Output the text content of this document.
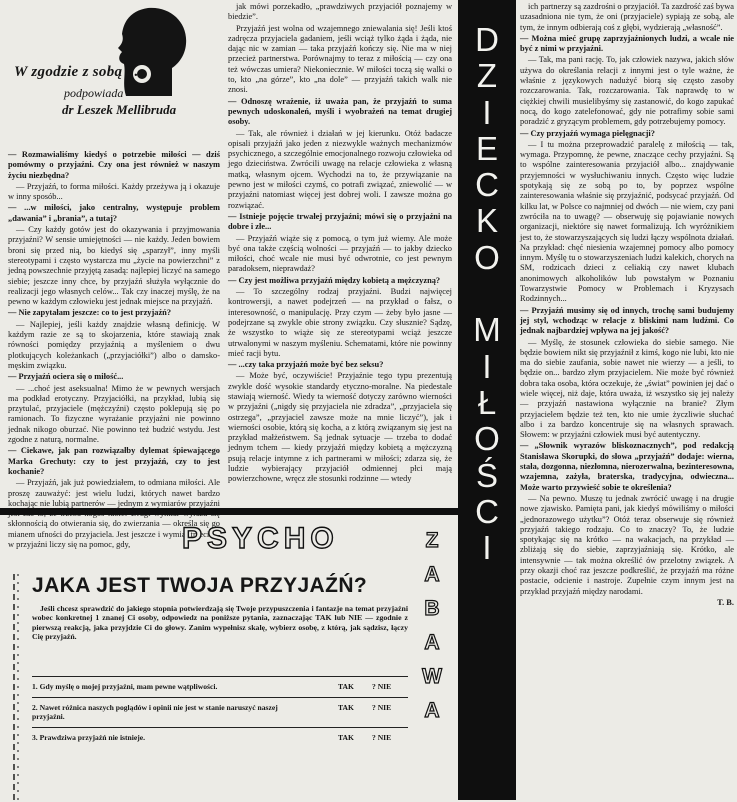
W zgodzie z sobą ...
podpowiada
dr Leszek Mellibruda

— Rozmawialiśmy kiedyś o potrzebie miłości — dziś pomówmy o przyjaźni. Czy ona jest również w naszym życiu niezbędna?

— Przyjaźń, to forma miłości. Każdy przeżywa ją i okazuje w inny sposób...

— ...w miłości, jako centralny, występuje problem „dawania” i „brania”, a tutaj?

— Czy każdy gotów jest do okazywania i przyjmowania przyjaźni? W sensie umiejętności — nie każdy. Jeden bowiem broni się przed nią, bo kiedyś się „sparzył”, inny myśli stereotypami i często wystarcza mu „życie na powierzchni” z jedną powszechnie przyjętą zasadą: najlepiej liczyć na samego siebie; jeszcze inny chce, by przyjaźń służyła wyłącznie do realizacji jego własnych celów... Tak czy inaczej myślę, że na pewno w każdym człowieku jest jednak miejsce na przyjaźń.

— Nie zapytałam jeszcze: co to jest przyjaźń?

— Najlepiej, jeśli każdy znajdzie własną definicję. W każdym razie ze są to skojarzenia, które stawiają znak równości pomiędzy przyjaźnią a myśleniem o dwu plotkujących koleżankach („przyjaciółki”) albo o damsko-męskim związku.

— Przyjaźń ociera się o miłość...

— ...choć jest aseksualna! Mimo że w pewnych wersjach ma podkład erotyczny. Przyjaciółki, na przykład, lubią się przytulać, przyjaciele (mężczyźni) często poklepują się po ramionach. To fizyczne wyrażanie przyjaźni nie powinno jednak nikogo oburzać. Nie powinno też budzić wstydu. Jest zgodne z naturą, normalne.

— Ciekawe, jak pan rozwiązałby dylemat śpiewającego Marka Grechuty: czy to jest przyjaźń, czy to jest kochanie?

— Przyjaźń, jak już powiedziałem, to odmiana miłości. Ale proszę zauważyć: jest wielu ludzi, których nawet bardzo kochając nie lubią partnerów — jednym z wymiarów przyjaźni skłonnością do otwierania się, do zwierzania — określa się go mianem ufności do przyjaciela. Jest jeszcze i wymiar trzeci — w przyjaźni liczy się na pomoc, gdy,

jak mówi porzekadło, „prawdziwych przyjaciół poznajemy w biedzie”.

Przyjaźń jest wolna od wzajemnego zniewalania się! Jeśli ktoś zadręcza przyjaciela gadaniem, jeśli wciąż tylko żąda i żąda, nie dając nic w zamian — taka przyjaźń kończy się. Nie ma w niej przecież partnerstwa. Porównajmy to teraz z miłością — czy ona też wówczas umiera? Niekoniecznie. W miłości toczą się walki o to, kto „na górze”, kto „na dole” — przyjaźń takich walk nie znosi.

— Odnoszę wrażenie, iż uważa pan, że przyjaźń to suma pewnych udoskonaleń, myśli i wyobrażeń na temat drugiej osoby.

— Tak, ale również i działań w jej kierunku. Otóż badacze opisali przyjaźń jako jeden z niezwykle ważnych mechanizmów psychicznego, a szczególnie emocjonalnego rozwoju człowieka od jego dzieciństwa. Zwrócili uwagę na relacje człowieka z własną matką, własnym ojcem. Wychodzi na to, że przywiązanie na pewno jest w miłości czymś, co potrafi związać, zniewolić — w przyjaźni natomiast więcej jest dobrej woli. I zawsze można go rozwiązać.

— Istnieje pojęcie trwałej przyjaźni; mówi się o przyjaźni na dobre i złe...

— Przyjaźń wiąże się z pomocą, o tym już wiemy. Ale może być ona także częścią wolności — przyjaźń — to jakby dziecko miłości, choć wcale nie musi być odwrotnie, co jest pewnym paradoksem, nieprawdaż?

— Czy jest możliwa przyjaźń między kobietą a mężczyzną?

— To szczególny rodzaj przyjaźni. Budzi najwięcej kontrowersji, a nawet podejrzeń — na przykład o fałsz, o interesowność, o manipulację. Przy czym — żeby było jasne — podejrzane są zwykle obie strony związku. Czy słusznie? Sądzę, że wszystko to wiąże się ze stereotypami wciąż jeszcze utrwalonymi w naszym myśleniu. Schematami, które nie powinny mieć racji bytu.

— ...czy taka przyjaźń może być bez seksu?

— Może być, oczywiście! Przyjaźnie tego typu prezentują zwykle dość wysokie standardy etyczno-moralne. Na piedestale stawiają wierność. Wiedy ta wierność dotyczy zarówno wierności w przyjaźni („nigdy się przyjaciela nie zdradza”, „przyjaciela się ostrzega”, „przyjaciel zawsze może na mnie liczyć”), jak i wierności osobie, którą się kocha, a z którą związanym się jest na przykład małżeństwem. Są jednak sytuacje — trzeba to dodać jednym tchem — kiedy przyjaźń między kobietą a mężczyzną psują relacje intymne z ich partnerami w miłości; zdarza się, że ludzie wybierający przyjaciół odmiennej płci mają powierzchowne, wręcz złe stosunki rodzinne — wtedy

D
Z
I
E
C
K
O

M
I
Ł
O
Ś
C
I

ich partnerzy są zazdrośni o przyjaciół. Ta zazdrość zaś bywa uzasadniona nie tym, że oni (przyjaciele) sypiają ze sobą, ale tym, że innym odbierają coś z głębi, wydzierają „własność”.

— Można mieć grupę zaprzyjaźnionych ludzi, a wcale nie być z nimi w przyjaźni.

— Tak, ma pani rację. To, jak człowiek nazywa, jakich słów używa do określania relacji z innymi jest o tyle ważne, że właśnie z językowych nadużyć biorą się często zasoby rozczarowania. Tak, rozczarowania. Tak naprawdę to w ciężkiej chwili musielibyśmy się zastanowić, do kogo zapukać nocą, do kogo zatelefonować, gdy nie potrafimy sobie sami poradzić z gryzącym problemem, gdy potrzebujemy pomocy.

— Czy przyjaźń wymaga pielęgnacji?

— I tu można przeprowadzić paralelę z miłością — tak, wymaga. Przypomnę, że pewne, znaczące cechy przyjaźni. Są to wspólne zainteresowania przyjaciół albo... znajdywanie przyjemności w wysłuchiwaniu innych. Często więc ludzie spotykają się ze sobą po to, by poprzez wspólne zainteresowania właśnie się przyjaźnić, podsycać przyjaźń. Od kilku lat, w Polsce co najmniej od dwóch — nie wiem, czy pani zwróciła na to uwagę? — obserwuję się pojawianie nowych organizacji, niektóre się nawet formalizują. Ich wyróżnikiem jest to, że stowarzyszających się ludzi łączy wspólnota działań. Na przykład: chęć niesienia wzajemnej pomocy albo pomocy innym. Myślę tu o stowarzyszeniach ludzi kalekich, chorych na SM, rodzicach dzieci z celiakią czy nawet klubach anonimowych alkoholików lub powstałym w Poznaniu Towarzystwie Pomocy w Problemach i Kryzysach Rodzinnych...

— Przyjaźń musimy się od innych, trochę sami budujemy jej styl, wchodząc w relacje z bliskimi nam ludźmi. Co jednak najbardziej wpływa na jej jakość?

— Myślę, że stosunek człowieka do siebie samego. Nie będzie bowiem nikt się przyjaźnił z kimś, kogo nie lubi, kto nie ma do siebie zaufania, sobie nawet nie wierzy — a jeśli, to będzie on... bardzo złym przyjacielem. Nie może być również dobra taka osoba, która oczekuje, że „świat” powinien jej dać o wiele więcej, niż daje, która uważa, iż wszystko się jej należy — przyjaźń nastawiona wyłącznie na branie? Złym przyjacielem będzie też ten, kto nie umie życzliwie słuchać albo i za bardzo koncentruje się na własnych sprawach. Słowem: w przyjaźni człowiek musi być autentyczny.

— „Słownik wyrazów bliskoznacznych”, pod redakcją Stanisława Skorupki, do słowa „przyjaźń” dodaje: wierna, stała, dozgonna, niezłomna, nierozerwalna, bezinteresowna, wzajemna, zażyła, braterska, tradycyjna, odwieczna... Może warto przywieść sobie te określenia?

— Na pewno. Muszę tu jednak zwrócić uwagę i na drugie nowe zjawisko. Pamięta pani, jak kiedyś mówiliśmy o miłości „jednorazowego użytku”? Otóż teraz obserwuje się również przyjaźń takiego rodzaju. Co to znaczy? To, że ludzie spotykając się na krótko — na wakacjach, na przykład — zbliżają się do siebie, zaprzyjaźniają się. Krótko, ale intensywnie — tak można określić ów przelotny związek. A przy okazji choć raz jeszcze podkreślić, że przyjaźń ma różne postacie, odcienie i nastroje. Zupełnie czym innym jest na przykład przyjaźń między narodami.

T. B.

PSYCHO
JAKA JEST TWOJA PRZYJAŹŃ?
Jeśli chcesz sprawdzić do jakiego stopnia potwierdzają się Twoje przypuszczenia i fantazje na temat przyjaźni wobec konkretnej 1 znanej Ci osoby, odpowiedz na poniższe pytania, zaznaczając TAK lub NIE — zgodnie z pierwszą reakcją, jaka przyjdzie Ci do głowy. Zanim wypełnisz skalę, wybierz osobę, z którą, jak sądzisz, łączy Cię przyjaźń.
1. Gdy myślę o mojej przyjaźni, mam pewne wątpliwości.	TAK ? NIE
2. Nawet różnica naszych poglądów i opinii nie jest w stanie naruszyć naszej przyjaźni.
TAK ? NIE
3. Prawdziwa przyjaźń nie istnieje.	TAK ? NIE
Z
A
B
A
W
A
